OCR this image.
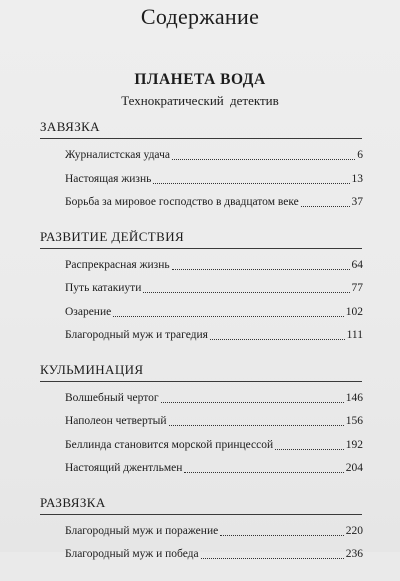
Содержание
ПЛАНЕТА ВОДА
Технократический детектив
ЗАВЯЗКА
Журналистская удача	6
Настоящая жизнь	13
Борьба за мировое господство в двадцатом веке	37
РАЗВИТИЕ ДЕЙСТВИЯ
Распрекрасная жизнь	64
Путь катакиути	77
Озарение	102
Благородный муж и трагедия	111
КУЛЬМИНАЦИЯ
Волшебный чертог	146
Наполеон четвертый	156
Беллинда становится морской принцессой	192
Настоящий джентльмен	204
РАЗВЯЗКА
Благородный муж и поражение	220
Благородный муж и победа	236
